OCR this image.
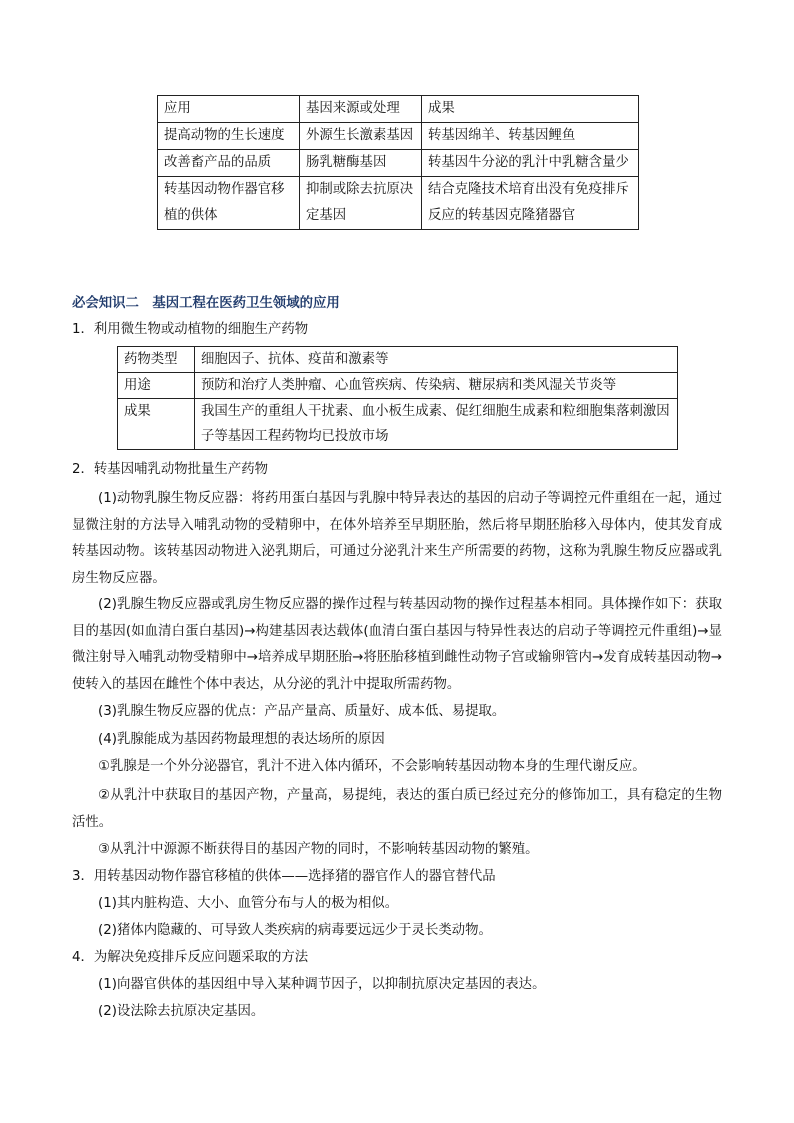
应用	基因来源或处理	成果
提高动物的生长速度	外源生长激素基因	转基因绵羊、转基因鲤鱼
改善畜产品的品质	肠乳糖酶基因	转基因牛分泌的乳汁中乳糖含量少
转基因动物作器官移植的供体	抑制或除去抗原决定基因	结合克隆技术培育出没有免疫排斥反应的转基因克隆猪器官
必会知识二　基因工程在医药卫生领域的应用
1．利用微生物或动植物的细胞生产药物
药物类型	细胞因子、抗体、疫苗和激素等
用途	预防和治疗人类肿瘤、心血管疾病、传染病、糖尿病和类风湿关节炎等
成果	我国生产的重组人干扰素、血小板生成素、促红细胞生成素和粒细胞集落刺激因子等基因工程药物均已投放市场
2．转基因哺乳动物批量生产药物
(1)动物乳腺生物反应器：将药用蛋白基因与乳腺中特异表达的基因的启动子等调控元件重组在一起，通过显微注射的方法导入哺乳动物的受精卵中，在体外培养至早期胚胎，然后将早期胚胎移入母体内，使其发育成转基因动物。该转基因动物进入泌乳期后，可通过分泌乳汁来生产所需要的药物，这称为乳腺生物反应器或乳房生物反应器。
(2)乳腺生物反应器或乳房生物反应器的操作过程与转基因动物的操作过程基本相同。具体操作如下：获取目的基因(如血清白蛋白基因)→构建基因表达载体(血清白蛋白基因与特异性表达的启动子等调控元件重组)→显微注射导入哺乳动物受精卵中→培养成早期胚胎→将胚胎移植到雌性动物子宫或输卵管内→发育成转基因动物→使转入的基因在雌性个体中表达，从分泌的乳汁中提取所需药物。
(3)乳腺生物反应器的优点：产品产量高、质量好、成本低、易提取。
(4)乳腺能成为基因药物最理想的表达场所的原因
①乳腺是一个外分泌器官，乳汁不进入体内循环，不会影响转基因动物本身的生理代谢反应。
②从乳汁中获取目的基因产物，产量高，易提纯，表达的蛋白质已经过充分的修饰加工，具有稳定的生物活性。
③从乳汁中源源不断获得目的基因产物的同时，不影响转基因动物的繁殖。
3．用转基因动物作器官移植的供体——选择猪的器官作人的器官替代品
(1)其内脏构造、大小、血管分布与人的极为相似。
(2)猪体内隐藏的、可导致人类疾病的病毒要远远少于灵长类动物。
4．为解决免疫排斥反应问题采取的方法
(1)向器官供体的基因组中导入某种调节因子，以抑制抗原决定基因的表达。
(2)设法除去抗原决定基因。
